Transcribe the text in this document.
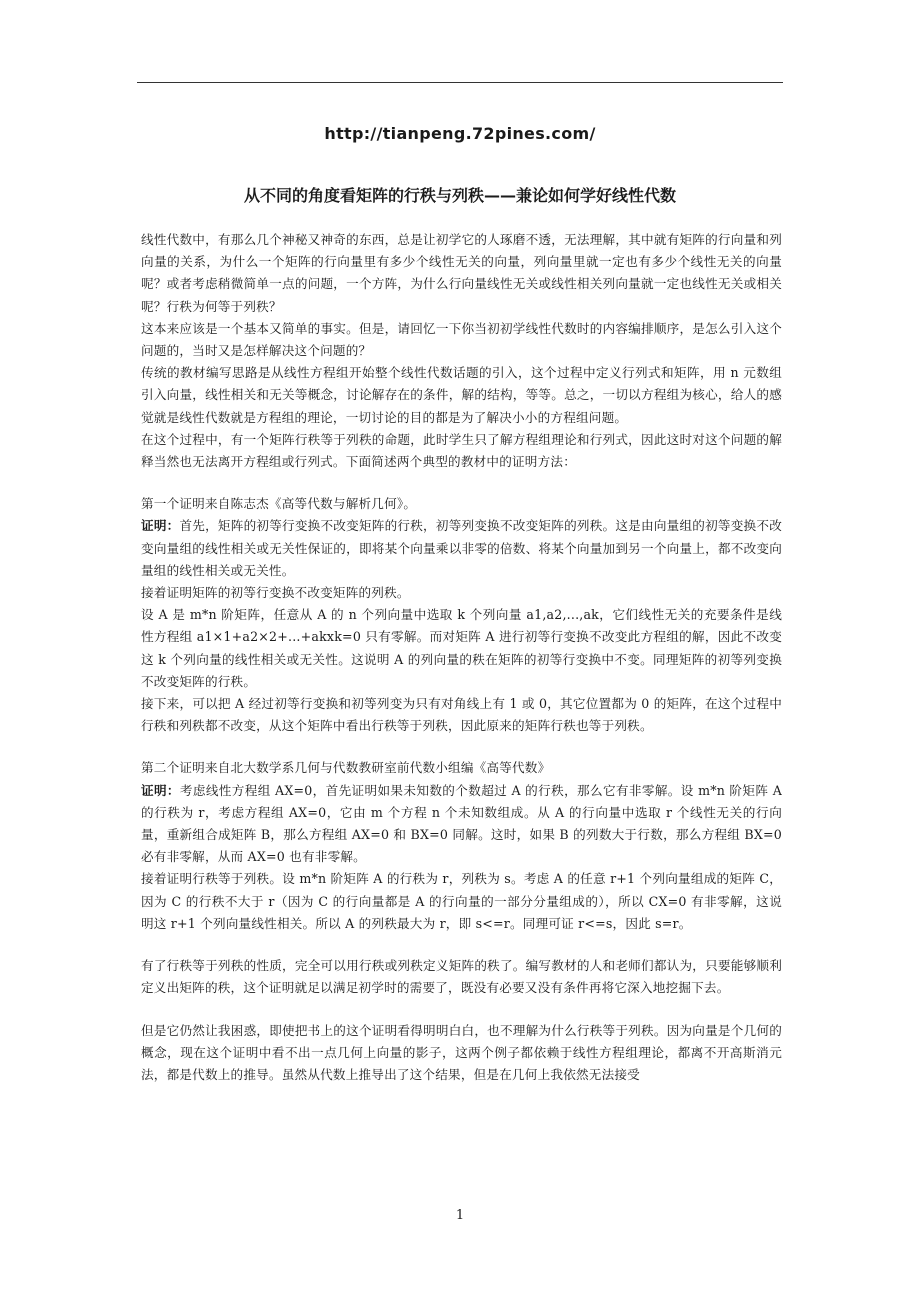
http://tianpeng.72pines.com/
从不同的角度看矩阵的行秩与列秩——兼论如何学好线性代数

线性代数中，有那么几个神秘又神奇的东西，总是让初学它的人琢磨不透，无法理解，其中就有矩阵的行向量和列向量的关系，为什么一个矩阵的行向量里有多少个线性无关的向量，列向量里就一定也有多少个线性无关的向量呢？或者考虑稍微简单一点的问题，一个方阵，为什么行向量线性无关或线性相关列向量就一定也线性无关或相关呢？行秩为何等于列秩？

这本来应该是一个基本又简单的事实。但是，请回忆一下你当初初学线性代数时的内容编排顺序，是怎么引入这个问题的，当时又是怎样解决这个问题的？

传统的教材编写思路是从线性方程组开始整个线性代数话题的引入，这个过程中定义行列式和矩阵，用 n 元数组引入向量，线性相关和无关等概念，讨论解存在的条件，解的结构，等等。总之，一切以方程组为核心，给人的感觉就是线性代数就是方程组的理论，一切讨论的目的都是为了解决小小的方程组问题。

在这个过程中，有一个矩阵行秩等于列秩的命题，此时学生只了解方程组理论和行列式，因此这时对这个问题的解释当然也无法离开方程组或行列式。下面简述两个典型的教材中的证明方法：

第一个证明来自陈志杰《高等代数与解析几何》。

证明：首先，矩阵的初等行变换不改变矩阵的行秩，初等列变换不改变矩阵的列秩。这是由向量组的初等变换不改变向量组的线性相关或无关性保证的，即将某个向量乘以非零的倍数、将某个向量加到另一个向量上，都不改变向量组的线性相关或无关性。

接着证明矩阵的初等行变换不改变矩阵的列秩。

设 A 是 m*n 阶矩阵，任意从 A 的 n 个列向量中选取 k 个列向量 a1,a2,...,ak，它们线性无关的充要条件是线性方程组 a1×1+a2×2+...+akxk=0 只有零解。而对矩阵 A 进行初等行变换不改变此方程组的解，因此不改变这 k 个列向量的线性相关或无关性。这说明 A 的列向量的秩在矩阵的初等行变换中不变。同理矩阵的初等列变换不改变矩阵的行秩。

接下来，可以把 A 经过初等行变换和初等列变为只有对角线上有 1 或 0，其它位置都为 0 的矩阵，在这个过程中行秩和列秩都不改变，从这个矩阵中看出行秩等于列秩，因此原来的矩阵行秩也等于列秩。

第二个证明来自北大数学系几何与代数教研室前代数小组编《高等代数》

证明：考虑线性方程组 AX=0，首先证明如果未知数的个数超过 A 的行秩，那么它有非零解。设 m*n 阶矩阵 A 的行秩为 r，考虑方程组 AX=0，它由 m 个方程 n 个未知数组成。从 A 的行向量中选取 r 个线性无关的行向量，重新组合成矩阵 B，那么方程组 AX=0 和 BX=0 同解。这时，如果 B 的列数大于行数，那么方程组 BX=0 必有非零解，从而 AX=0 也有非零解。

接着证明行秩等于列秩。设 m*n 阶矩阵 A 的行秩为 r，列秩为 s。考虑 A 的任意 r+1 个列向量组成的矩阵 C，因为 C 的行秩不大于 r（因为 C 的行向量都是 A 的行向量的一部分分量组成的），所以 CX=0 有非零解，这说明这 r+1 个列向量线性相关。所以 A 的列秩最大为 r，即 s<=r。同理可证 r<=s，因此 s=r。

有了行秩等于列秩的性质，完全可以用行秩或列秩定义矩阵的秩了。编写教材的人和老师们都认为，只要能够顺利定义出矩阵的秩，这个证明就足以满足初学时的需要了，既没有必要又没有条件再将它深入地挖掘下去。

但是它仍然让我困惑，即使把书上的这个证明看得明明白白，也不理解为什么行秩等于列秩。因为向量是个几何的概念，现在这个证明中看不出一点几何上向量的影子，这两个例子都依赖于线性方程组理论，都离不开高斯消元法，都是代数上的推导。虽然从代数上推导出了这个结果，但是在几何上我依然无法接受

1
